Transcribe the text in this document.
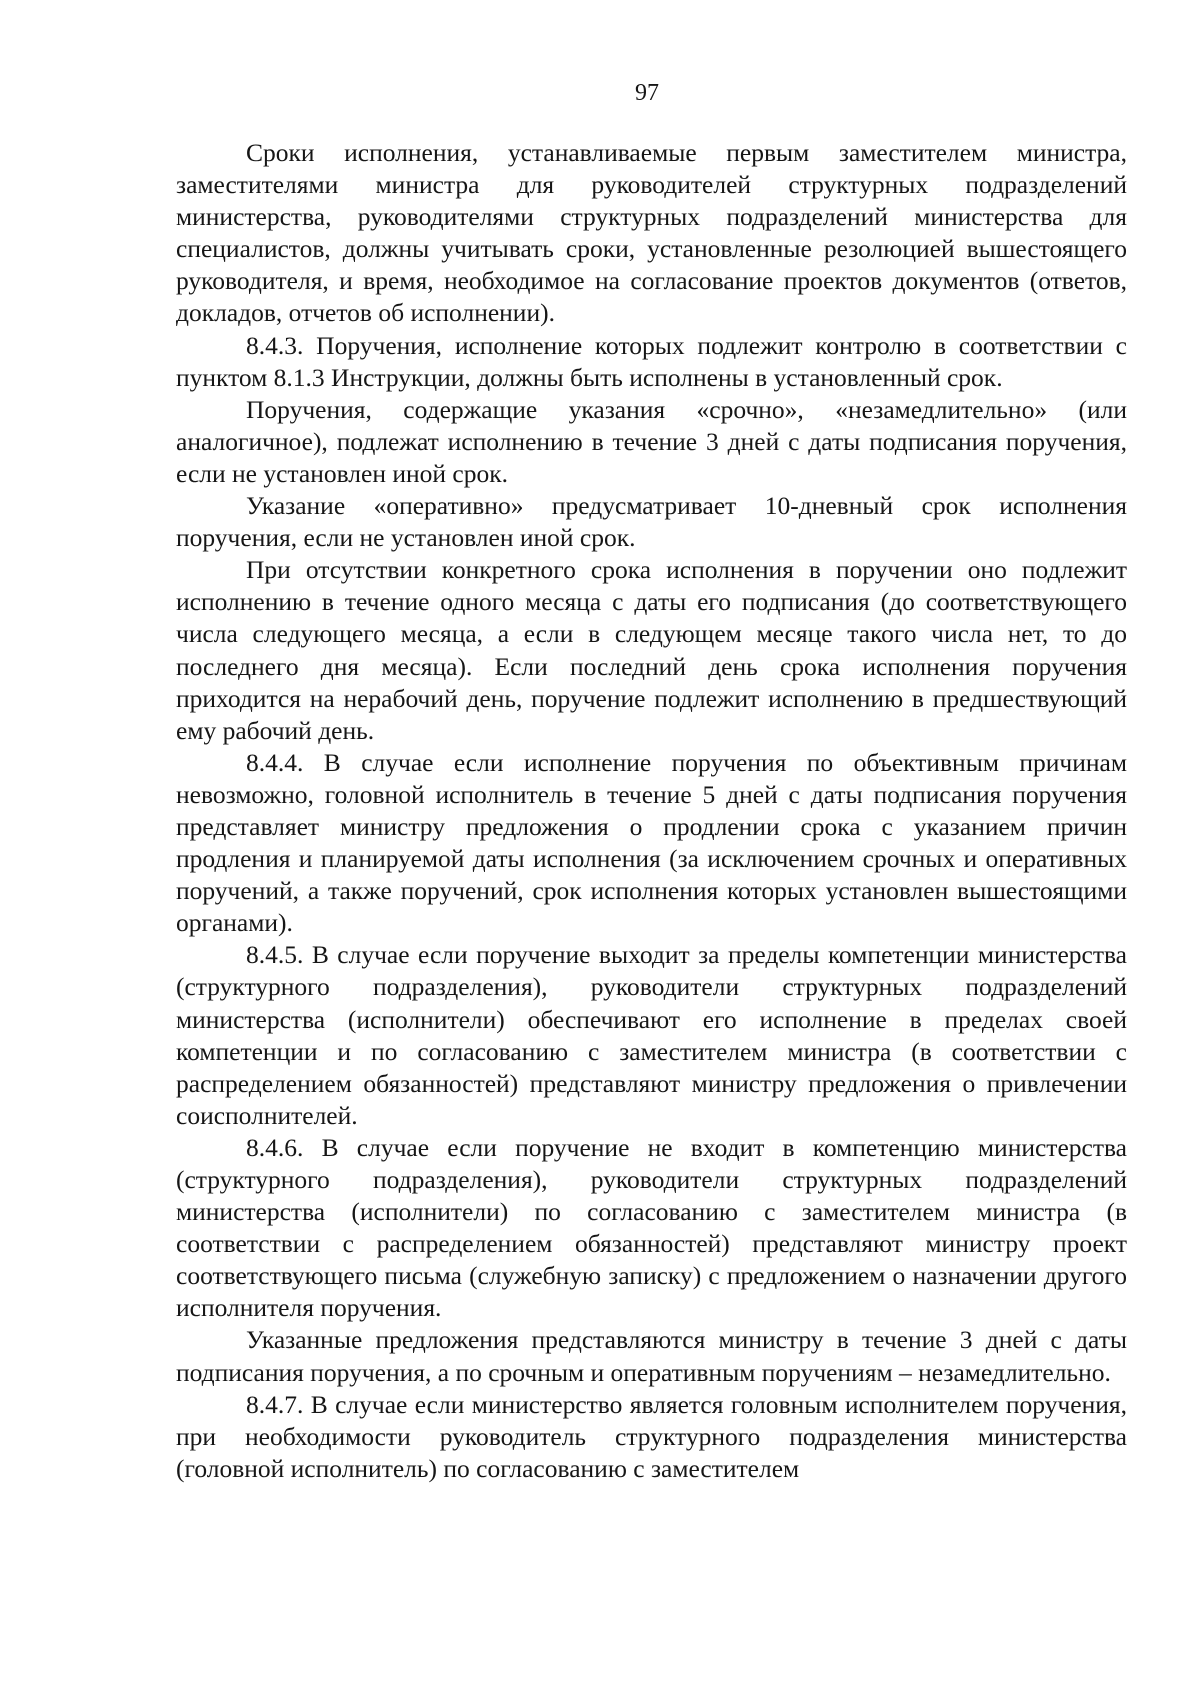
97

Сроки исполнения, устанавливаемые первым заместителем министра, заместителями министра для руководителей структурных подразделений министерства, руководителями структурных подразделений министерства для специалистов, должны учитывать сроки, установленные резолюцией вышестоящего руководителя, и время, необходимое на согласование проектов документов (ответов, докладов, отчетов об исполнении).

8.4.3. Поручения, исполнение которых подлежит контролю в соответствии с пунктом 8.1.3 Инструкции, должны быть исполнены в установленный срок.

Поручения, содержащие указания «срочно», «незамедлительно» (или аналогичное), подлежат исполнению в течение 3 дней с даты подписания поручения, если не установлен иной срок.

Указание «оперативно» предусматривает 10-дневный срок исполнения поручения, если не установлен иной срок.

При отсутствии конкретного срока исполнения в поручении оно подлежит исполнению в течение одного месяца с даты его подписания (до соответствующего числа следующего месяца, а если в следующем месяце такого числа нет, то до последнего дня месяца). Если последний день срока исполнения поручения приходится на нерабочий день, поручение подлежит исполнению в предшествующий ему рабочий день.

8.4.4. В случае если исполнение поручения по объективным причинам невозможно, головной исполнитель в течение 5 дней с даты подписания поручения представляет министру предложения о продлении срока с указанием причин продления и планируемой даты исполнения (за исключением срочных и оперативных поручений, а также поручений, срок исполнения которых установлен вышестоящими органами).

8.4.5. В случае если поручение выходит за пределы компетенции министерства (структурного подразделения), руководители структурных подразделений министерства (исполнители) обеспечивают его исполнение в пределах своей компетенции и по согласованию с заместителем министра (в соответствии с распределением обязанностей) представляют министру предложения о привлечении соисполнителей.

8.4.6. В случае если поручение не входит в компетенцию министерства (структурного подразделения), руководители структурных подразделений министерства (исполнители) по согласованию с заместителем министра (в соответствии с распределением обязанностей) представляют министру проект соответствующего письма (служебную записку) с предложением о назначении другого исполнителя поручения.

Указанные предложения представляются министру в течение 3 дней с даты подписания поручения, а по срочным и оперативным поручениям – незамедлительно.

8.4.7. В случае если министерство является головным исполнителем поручения, при необходимости руководитель структурного подразделения министерства (головной исполнитель) по согласованию с заместителем
